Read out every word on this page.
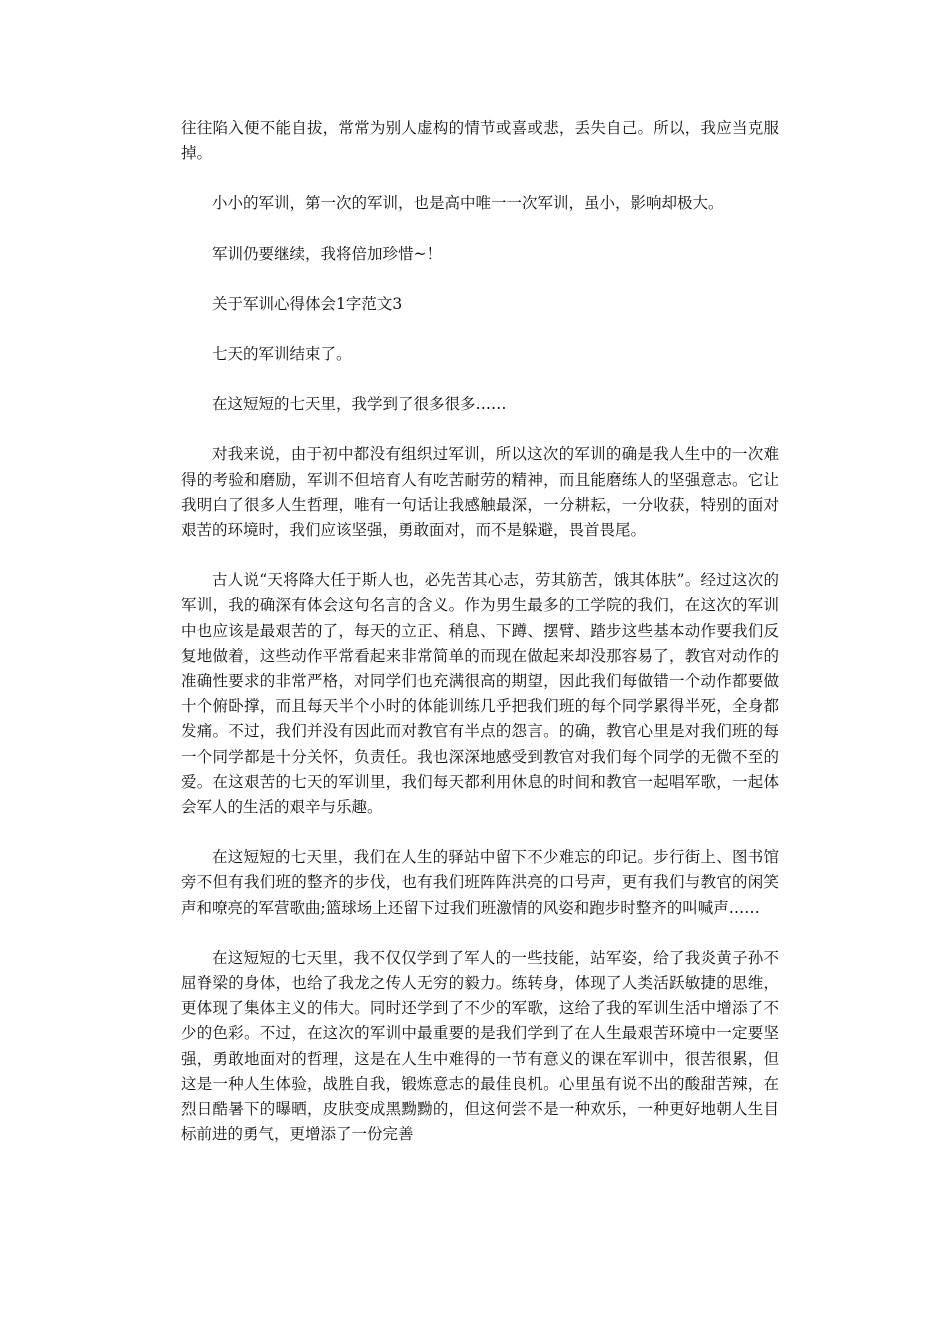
往往陷入便不能自拔，常常为别人虚构的情节或喜或悲，丢失自己。所以，我应当克服掉。

小小的军训，第一次的军训，也是高中唯一一次军训，虽小，影响却极大。

军训仍要继续，我将倍加珍惜~！

关于军训心得体会1字范文3

七天的军训结束了。

在这短短的七天里，我学到了很多很多……

对我来说，由于初中都没有组织过军训，所以这次的军训的确是我人生中的一次难得的考验和磨励，军训不但培育人有吃苦耐劳的精神，而且能磨练人的坚强意志。它让我明白了很多人生哲理，唯有一句话让我感触最深，一分耕耘，一分收获，特别的面对艰苦的环境时，我们应该坚强，勇敢面对，而不是躲避，畏首畏尾。

古人说“天将降大任于斯人也，必先苦其心志，劳其筋苦，饿其体肤”。经过这次的军训，我的确深有体会这句名言的含义。作为男生最多的工学院的我们，在这次的军训中也应该是最艰苦的了，每天的立正、稍息、下蹲、摆臂、踏步这些基本动作要我们反复地做着，这些动作平常看起来非常简单的而现在做起来却没那容易了，教官对动作的准确性要求的非常严格，对同学们也充满很高的期望，因此我们每做错一个动作都要做十个俯卧撑，而且每天半个小时的体能训练几乎把我们班的每个同学累得半死，全身都发痛。不过，我们并没有因此而对教官有半点的怨言。的确，教官心里是对我们班的每一个同学都是十分关怀，负责任。我也深深地感受到教官对我们每个同学的无微不至的爱。在这艰苦的七天的军训里，我们每天都利用休息的时间和教官一起唱军歌，一起体会军人的生活的艰辛与乐趣。

在这短短的七天里，我们在人生的驿站中留下不少难忘的印记。步行街上、图书馆旁不但有我们班的整齐的步伐，也有我们班阵阵洪亮的口号声，更有我们与教官的闲笑声和嘹亮的军营歌曲;篮球场上还留下过我们班激情的风姿和跑步时整齐的叫喊声……

在这短短的七天里，我不仅仅学到了军人的一些技能，站军姿，给了我炎黄子孙不屈脊梁的身体，也给了我龙之传人无穷的毅力。练转身，体现了人类活跃敏捷的思维，更体现了集体主义的伟大。同时还学到了不少的军歌，这给了我的军训生活中增添了不少的色彩。不过，在这次的军训中最重要的是我们学到了在人生最艰苦环境中一定要坚强，勇敢地面对的哲理，这是在人生中难得的一节有意义的课在军训中，很苦很累，但这是一种人生体验，战胜自我，锻炼意志的最佳良机。心里虽有说不出的酸甜苦辣，在烈日酷暑下的曝晒，皮肤变成黑黝黝的，但这何尝不是一种欢乐，一种更好地朝人生目标前进的勇气，更增添了一份完善
